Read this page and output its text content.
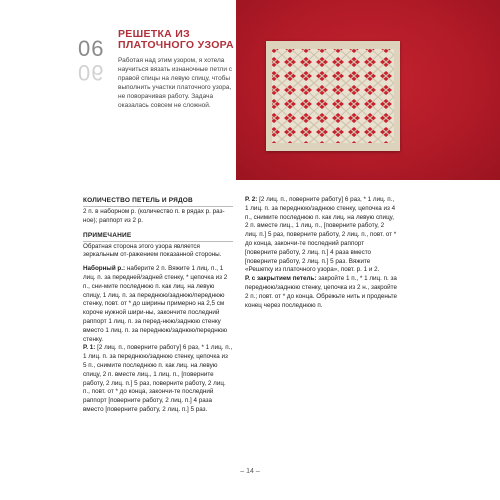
06
06
РЕШЕТКА ИЗ ПЛАТОЧНОГО УЗОРА

Работая над этим узором, я хотела научиться вязать изнаночные петли с правой спицы на левую спицу, чтобы выполнить участки платочного узора, не поворачивая работу. Задача оказалась совсем не сложной.

КОЛИЧЕСТВО ПЕТЕЛЬ И РЯДОВ

2 п. в наборном р. (количество п. в рядах р. раз-ное); раппорт из 2 р.

ПРИМЕЧАНИЕ

Обратная сторона этого узора является зеркальным от-ражением показанной стороны.

Наборный р.: наберите 2 п. Вяжите 1 лиц. п., 1 лиц. п. за передней/задней стенку, * цепочка из 2 п., сни-мите последнюю п. как лиц. на левую спицу, 1 лиц. п. за переднюю/заднюю/переднюю стенку, повт. от * до ширины примерно на 2,5 см короче нужной шири-ны, закончите последний раппорт 1 лиц. п. за перед-нюю/заднюю стенку вместо 1 лиц. п. за переднюю/заднюю/переднюю стенку.

Р. 1: [2 лиц. п., поверните работу] 6 раз, * 1 лиц. п., 1 лиц. п. за переднюю/заднюю стенку, цепочка из 5 п., снимите последнюю п. как лиц. на левую спицу, 2 п. вместе лиц., 1 лиц. п., [поверните работу, 2 лиц. п.] 5 раз, поверните работу, 2 лиц. п., повт. от * до конца, закончи-те последний раппорт [поверните работу, 2 лиц. п.] 4 раза вместо [поверните работу, 2 лиц. п.] 5 раз.

Р. 2: [2 лиц. п., поверните работу] 6 раз, * 1 лиц. п., 1 лиц. п. за переднюю/заднюю стенку, цепочка из 4 п., снимите последнюю п. как лиц. на левую спицу, 2 п. вместе лиц., 1 лиц. п., [поверните работу, 2 лиц. п.] 5 раз, поверните работу, 2 лиц. п., повт. от * до конца, закончи-те последний раппорт [поверните работу, 2 лиц. п.] 4 раза вместо [поверните работу, 2 лиц. п.] 5 раз. Вяжите «Решетку из платочного узора», повт. р. 1 и 2.

Р. с закрытием петель: закройте 1 п., * 1 лиц. п. за переднюю/заднюю стенку, цепочка из 2 н., закройте 2 п.; повт. от * до конца. Обрежьте нить и проденьте конец через последнюю п.

– 14 –
